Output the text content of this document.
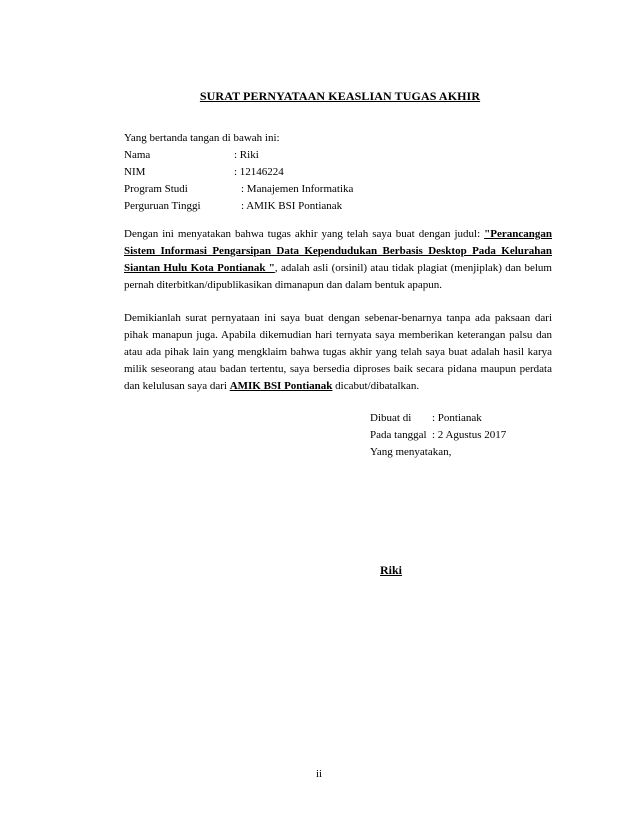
SURAT PERNYATAAN KEASLIAN TUGAS AKHIR
Yang bertanda tangan di bawah ini:
Nama	: Riki
NIM	: 12146224
Program Studi	: Manajemen Informatika
Perguruan Tinggi	: AMIK BSI Pontianak
Dengan ini menyatakan bahwa tugas akhir yang telah saya buat dengan judul: "Perancangan Sistem Informasi Pengarsipan Data Kependudukan Berbasis Desktop Pada Kelurahan Siantan Hulu Kota Pontianak ", adalah asli (orsinil) atau tidak plagiat (menjiplak) dan belum pernah diterbitkan/dipublikasikan dimanapun dan dalam bentuk apapun.
Demikianlah surat pernyataan ini saya buat dengan sebenar-benarnya tanpa ada paksaan dari pihak manapun juga. Apabila dikemudian hari ternyata saya memberikan keterangan palsu dan atau ada pihak lain yang mengklaim bahwa tugas akhir yang telah saya buat adalah hasil karya milik seseorang atau badan tertentu, saya bersedia diproses baik secara pidana maupun perdata dan kelulusan saya dari AMIK BSI Pontianak dicabut/dibatalkan.
Dibuat di : Pontianak
Pada tanggal : 2 Agustus 2017
Yang menyatakan,
Riki
ii
